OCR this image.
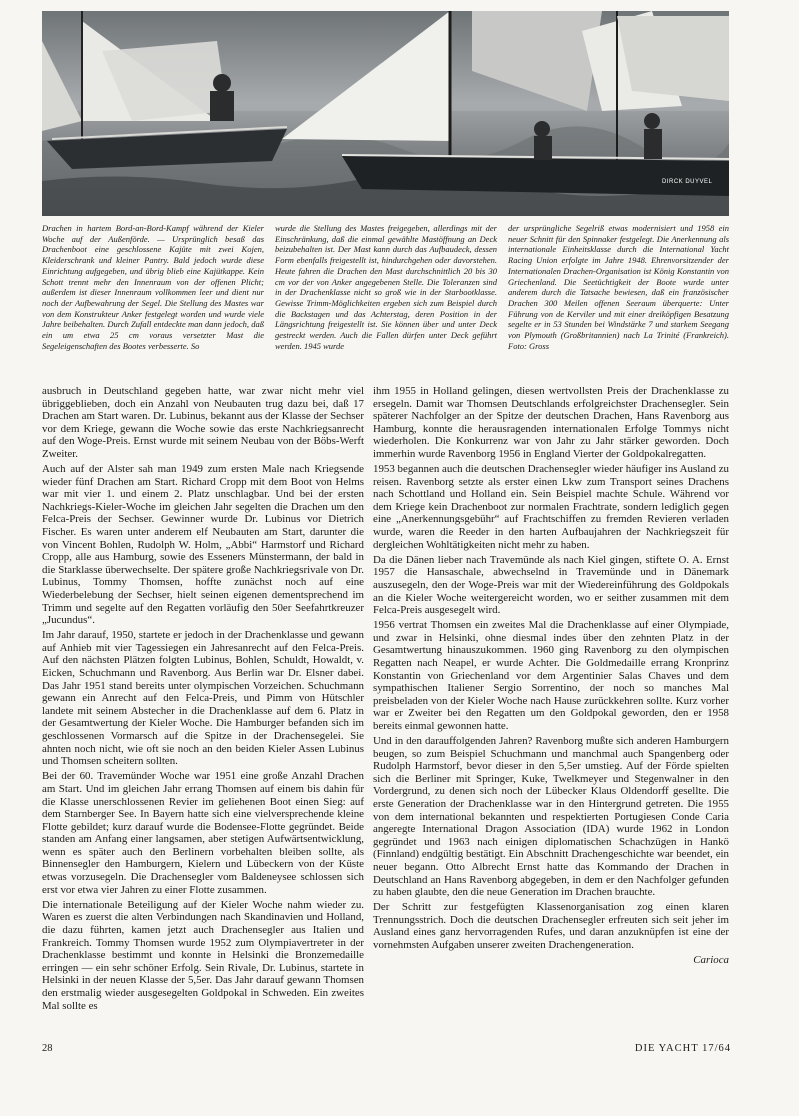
DIRCK DUYVEL

Drachen in hartem Bord-an-Bord-Kampf während der Kieler Woche auf der Außenförde. — Ursprünglich besaß das Drachenboot eine geschlossene Kajüte mit zwei Kojen, Kleiderschrank und kleiner Pantry. Bald jedoch wurde diese Einrichtung aufgegeben, und übrig blieb eine Kajütkappe. Kein Schott trennt mehr den Innenraum von der offenen Plicht; außerdem ist dieser Innenraum vollkommen leer und dient nur noch der Aufbewahrung der Segel. Die Stellung des Mastes war von dem Konstrukteur Anker festgelegt worden und wurde viele Jahre beibehalten. Durch Zufall entdeckte man dann jedoch, daß ein um etwa 25 cm voraus versetzter Mast die Segeleigenschaften des Bootes verbesserte. So

wurde die Stellung des Mastes freigegeben, allerdings mit der Einschränkung, daß die einmal gewählte Mastöffnung an Deck beizubehalten ist. Der Mast kann durch das Aufbaudeck, dessen Form ebenfalls freigestellt ist, hindurchgehen oder davorstehen. Heute fahren die Drachen den Mast durchschnittlich 20 bis 30 cm vor der von Anker angegebenen Stelle. Die Toleranzen sind in der Drachenklasse nicht so groß wie in der Starbootklasse. Gewisse Trimm-Möglichkeiten ergeben sich zum Beispiel durch die Backstagen und das Achterstag, deren Position in der Längsrichtung freigestellt ist. Sie können über und unter Deck gestreckt werden. Auch die Fallen dürfen unter Deck geführt werden. 1945 wurde

der ursprüngliche Segelriß etwas modernisiert und 1958 ein neuer Schnitt für den Spinnaker festgelegt. Die Anerkennung als internationale Einheitsklasse durch die International Yacht Racing Union erfolgte im Jahre 1948. Ehrenvorsitzender der Internationalen Drachen-Organisation ist König Konstantin von Griechenland. Die Seetüchtigkeit der Boote wurde unter anderem durch die Tatsache bewiesen, daß ein französischer Drachen 300 Meilen offenen Seeraum überquerte: Unter Führung von de Kerviler und mit einer dreiköpfigen Besatzung segelte er in 53 Stunden bei Windstärke 7 und starkem Seegang von Plymouth (Großbritannien) nach La Trinité (Frankreich). Foto: Gross

ausbruch in Deutschland gegeben hatte, war zwar nicht mehr viel übriggeblieben, doch ein Anzahl von Neubauten trug dazu bei, daß 17 Drachen am Start waren. Dr. Lubinus, bekannt aus der Klasse der Sechser vor dem Kriege, gewann die Woche sowie das erste Nachkriegsanrecht auf den Woge-Preis. Ernst wurde mit seinem Neubau von der Böbs-Werft Zweiter.

Auch auf der Alster sah man 1949 zum ersten Male nach Kriegsende wieder fünf Drachen am Start. Richard Cropp mit dem Boot von Helms war mit vier 1. und einem 2. Platz unschlagbar. Und bei der ersten Nachkriegs-Kieler-Woche im gleichen Jahr segelten die Drachen um den Felca-Preis der Sechser. Gewinner wurde Dr. Lubinus vor Dietrich Fischer. Es waren unter anderem elf Neubauten am Start, darunter die von Vincent Bohlen, Rudolph W. Holm, „Abbi“ Harmstorf und Richard Cropp, alle aus Hamburg, sowie des Esseners Münstermann, der bald in die Starklasse überwechselte. Der spätere große Nachkriegsrivale von Dr. Lubinus, Tommy Thomsen, hoffte zunächst noch auf eine Wiederbelebung der Sechser, hielt seinen eigenen dementsprechend im Trimm und segelte auf den Regatten vorläufig den 50er Seefahrtkreuzer „Jucundus“.

Im Jahr darauf, 1950, startete er jedoch in der Drachenklasse und gewann auf Anhieb mit vier Tagessiegen ein Jahresanrecht auf den Felca-Preis. Auf den nächsten Plätzen folgten Lubinus, Bohlen, Schuldt, Howaldt, v. Eicken, Schuchmann und Ravenborg. Aus Berlin war Dr. Elsner dabei. Das Jahr 1951 stand bereits unter olympischen Vorzeichen. Schuchmann gewann ein Anrecht auf den Felca-Preis, und Pimm von Hütschler landete mit seinem Abstecher in die Drachenklasse auf dem 6. Platz in der Gesamtwertung der Kieler Woche. Die Hamburger befanden sich im geschlossenen Vormarsch auf die Spitze in der Drachensegelei. Sie ahnten noch nicht, wie oft sie noch an den beiden Kieler Assen Lubinus und Thomsen scheitern sollten.

Bei der 60. Travemünder Woche war 1951 eine große Anzahl Drachen am Start. Und im gleichen Jahr errang Thomsen auf einem bis dahin für die Klasse unerschlossenen Revier im geliehenen Boot einen Sieg: auf dem Starnberger See. In Bayern hatte sich eine vielversprechende kleine Flotte gebildet; kurz darauf wurde die Bodensee-Flotte gegründet. Beide standen am Anfang einer langsamen, aber stetigen Aufwärtsentwicklung, wenn es später auch den Berlinern vorbehalten bleiben sollte, als Binnensegler den Hamburgern, Kielern und Lübeckern von der Küste etwas vorzusegeln. Die Drachensegler vom Baldeneysee schlossen sich erst vor etwa vier Jahren zu einer Flotte zusammen.

Die internationale Beteiligung auf der Kieler Woche nahm wieder zu. Waren es zuerst die alten Verbindungen nach Skandinavien und Holland, die dazu führten, kamen jetzt auch Drachensegler aus Italien und Frankreich. Tommy Thomsen wurde 1952 zum Olympiavertreter in der Drachenklasse bestimmt und konnte in Helsinki die Bronzemedaille erringen — ein sehr schöner Erfolg. Sein Rivale, Dr. Lubinus, startete in Helsinki in der neuen Klasse der 5,5er. Das Jahr darauf gewann Thomsen den erstmalig wieder ausgesegelten Goldpokal in Schweden. Ein zweites Mal sollte es

ihm 1955 in Holland gelingen, diesen wertvollsten Preis der Drachenklasse zu ersegeln. Damit war Thomsen Deutschlands erfolgreichster Drachensegler. Sein späterer Nachfolger an der Spitze der deutschen Drachen, Hans Ravenborg aus Hamburg, konnte die herausragenden internationalen Erfolge Tommys nicht wiederholen. Die Konkurrenz war von Jahr zu Jahr stärker geworden. Doch immerhin wurde Ravenborg 1956 in England Vierter der Goldpokalregatten.

1953 begannen auch die deutschen Drachensegler wieder häufiger ins Ausland zu reisen. Ravenborg setzte als erster einen Lkw zum Transport seines Drachens nach Schottland und Holland ein. Sein Beispiel machte Schule. Während vor dem Kriege kein Drachenboot zur normalen Frachtrate, sondern lediglich gegen eine „Anerkennungsgebühr“ auf Frachtschiffen zu fremden Revieren verladen wurde, waren die Reeder in den harten Aufbaujahren der Nachkriegszeit für dergleichen Wohltätigkeiten nicht mehr zu haben.

Da die Dänen lieber nach Travemünde als nach Kiel gingen, stiftete O. A. Ernst 1957 die Hansaschale, abwechselnd in Travemünde und in Dänemark auszusegeln, den der Woge-Preis war mit der Wiedereinführung des Goldpokals an die Kieler Woche weitergereicht worden, wo er seither zusammen mit dem Felca-Preis ausgesegelt wird.

1956 vertrat Thomsen ein zweites Mal die Drachenklasse auf einer Olympiade, und zwar in Helsinki, ohne diesmal indes über den zehnten Platz in der Gesamtwertung hinauszukommen. 1960 ging Ravenborg zu den olympischen Regatten nach Neapel, er wurde Achter. Die Goldmedaille errang Kronprinz Konstantin von Griechenland vor dem Argentinier Salas Chaves und dem sympathischen Italiener Sergio Sorrentino, der noch so manches Mal preisbeladen von der Kieler Woche nach Hause zurückkehren sollte. Kurz vorher war er Zweiter bei den Regatten um den Goldpokal geworden, den er 1958 bereits einmal gewonnen hatte.

Und in den darauffolgenden Jahren? Ravenborg mußte sich anderen Hamburgern beugen, so zum Beispiel Schuchmann und manchmal auch Spangenberg oder Rudolph Harmstorf, bevor dieser in den 5,5er umstieg. Auf der Förde spielten sich die Berliner mit Springer, Kuke, Twelkmeyer und Stegenwalner in den Vordergrund, zu denen sich noch der Lübecker Klaus Oldendorff gesellte. Die erste Generation der Drachenklasse war in den Hintergrund getreten. Die 1955 von dem international bekannten und respektierten Portugiesen Conde Caria angeregte International Dragon Association (IDA) wurde 1962 in London gegründet und 1963 nach einigen diplomatischen Schachzügen in Hankö (Finnland) endgültig bestätigt. Ein Abschnitt Drachengeschichte war beendet, ein neuer begann. Otto Albrecht Ernst hatte das Kommando der Drachen in Deutschland an Hans Ravenborg abgegeben, in dem er den Nachfolger gefunden zu haben glaubte, den die neue Generation im Drachen brauchte.

Der Schritt zur festgefügten Klassenorganisation zog einen klaren Trennungsstrich. Doch die deutschen Drachensegler erfreuten sich seit jeher im Ausland eines ganz hervorragenden Rufes, und daran anzuknüpfen ist eine der vornehmsten Aufgaben unserer zweiten Drachengeneration.

Carioca
28	DIE YACHT 17/64
